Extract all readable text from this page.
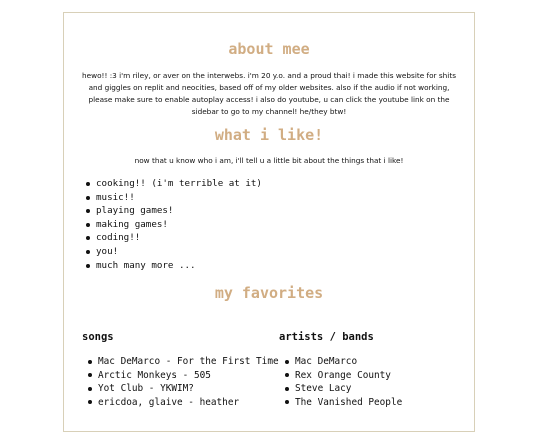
about mee

hewo!! :3 i'm riley, or aver on the interwebs. i'm 20 y.o. and a proud thai! i made this website for shits and giggles on replit and neocities, based off of my older websites. also if the audio if not working, please make sure to enable autoplay access! i also do youtube, u can click the youtube link on the sidebar to go to my channel! he/they btw!

what i like!

now that u know who i am, i'll tell u a little bit about the things that i like!

cooking!! (i'm terrible at it)
music!!
playing games!
making games!
coding!!
you!
much many more ...
my favorites
songs	artists / bands
Mac DeMarco - For the First Time
Arctic Monkeys - 505
Yot Club - YKWIM?
ericdoa, glaive - heather
Mac DeMarco
Rex Orange County
Steve Lacy
The Vanished People
